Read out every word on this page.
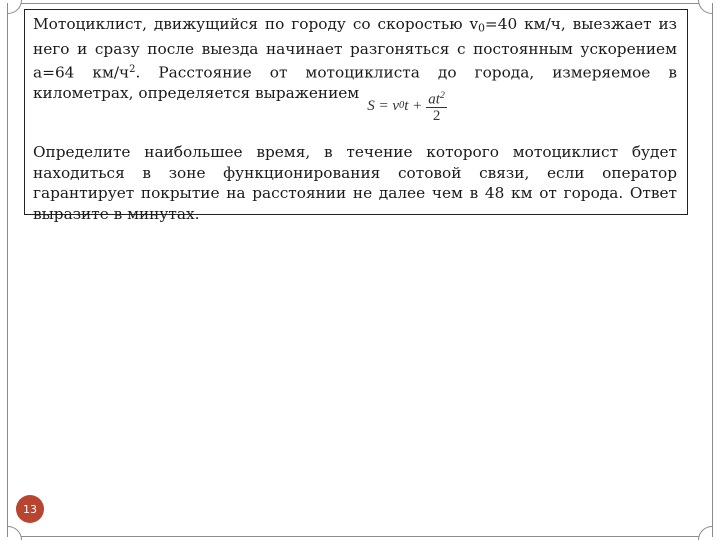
Мотоциклист, движущийся по городу со скоростью $v_0=40$ км/ч, выезжает из него и сразу после выезда начинает разгоняться с постоянным ускорением a=64 $км/ч^2$. Расстояние от мотоциклиста до города, измеряемое в километрах, определяется выражением
S = v 0 $t + \frac{at^2}{2}$

Определите наибольшее время, в течение которого мотоциклист будет находиться в зоне функционирования сотовой связи, если оператор гарантирует покрытие на расстоянии не далее чем в 48 км от города. Ответ выразите в минутах.

13
